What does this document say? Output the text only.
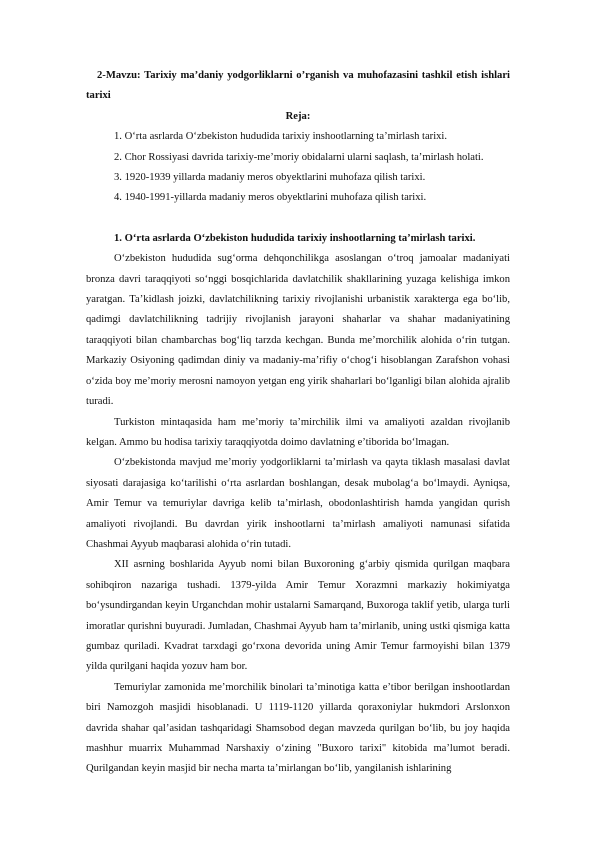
2-Mavzu: Tarixiy ma’daniy yodgorliklarni o’rganish va muhofazasini tashkil etish ishlari tarixi

Reja:

1. O‘rta asrlarda O‘zbekiston hududida tarixiy inshootlarning ta’mirlash tarixi.
2. Chor Rossiyasi davrida tarixiy-me’moriy obidalarni ularni saqlash, ta’mirlash holati.
3. 1920-1939 yillarda madaniy meros obyektlarini muhofaza qilish tarixi.
4. 1940-1991-yillarda madaniy meros obyektlarini muhofaza qilish tarixi.

1. O‘rta asrlarda O‘zbekiston hududida tarixiy inshootlarning ta’mirlash tarixi.

O‘zbekiston hududida sug‘orma dehqonchilikga asoslangan o‘troq jamoalar madaniyati bronza davri taraqqiyoti so‘nggi bosqichlarida davlatchilik shakllarining yuzaga kelishiga imkon yaratgan. Ta’kidlash joizki, davlatchilikning tarixiy rivojlanishi urbanistik xarakterga ega bo‘lib, qadimgi davlatchilikning tadrijiy rivojlanish jarayoni shaharlar va shahar madaniyatining taraqqiyoti bilan chambarchas bog‘liq tarzda kechgan. Bunda me’morchilik alohida o‘rin tutgan. Markaziy Osiyoning qadimdan diniy va madaniy-ma’rifiy o‘chog‘i hisoblangan Zarafshon vohasi o‘zida boy me’moriy merosni namoyon yetgan eng yirik shaharlari bo‘lganligi bilan alohida ajralib turadi.

Turkiston mintaqasida ham me’moriy ta’mirchilik ilmi va amaliyoti azaldan rivojlanib kelgan. Ammo bu hodisa tarixiy taraqqiyotda doimo davlatning e’tiborida bo‘lmagan.

O‘zbekistonda mavjud me’moriy yodgorliklarni ta’mirlash va qayta tiklash masalasi davlat siyosati darajasiga ko‘tarilishi o‘rta asrlardan boshlangan, desak mubolag‘a bo‘lmaydi. Ayniqsa, Amir Temur va temuriylar davriga kelib ta’mirlash, obodonlashtirish hamda yangidan qurish amaliyoti rivojlandi. Bu davrdan yirik inshootlarni ta’mirlash amaliyoti namunasi sifatida Chashmai Ayyub maqbarasi alohida o‘rin tutadi.

XII asrning boshlarida Ayyub nomi bilan Buxoroning g‘arbiy qismida qurilgan maqbara sohibqiron nazariga tushadi. 1379-yilda Amir Temur Xorazmni markaziy hokimiyatga bo‘ysundirgandan keyin Urganchdan mohir ustalarni Samarqand, Buxoroga taklif yetib, ularga turli imoratlar qurishni buyuradi. Jumladan, Chashmai Ayyub ham ta’mirlanib, uning ustki qismiga katta gumbaz quriladi. Kvadrat tarxdagi go‘rxona devorida uning Amir Temur farmoyishi bilan 1379 yilda qurilgani haqida yozuv ham bor.

Temuriylar zamonida me’morchilik binolari ta’minotiga katta e’tibor berilgan inshootlardan biri Namozgoh masjidi hisoblanadi. U 1119-1120 yillarda qoraxoniylar hukmdori Arslonxon davrida shahar qal’asidan tashqaridagi Shamsobod degan mavzeda qurilgan bo‘lib, bu joy haqida mashhur muarrix Muhammad Narshaxiy o‘zining "Buxoro tarixi" kitobida ma’lumot beradi. Qurilgandan keyin masjid bir necha marta ta’mirlangan bo‘lib, yangilanish ishlarining
